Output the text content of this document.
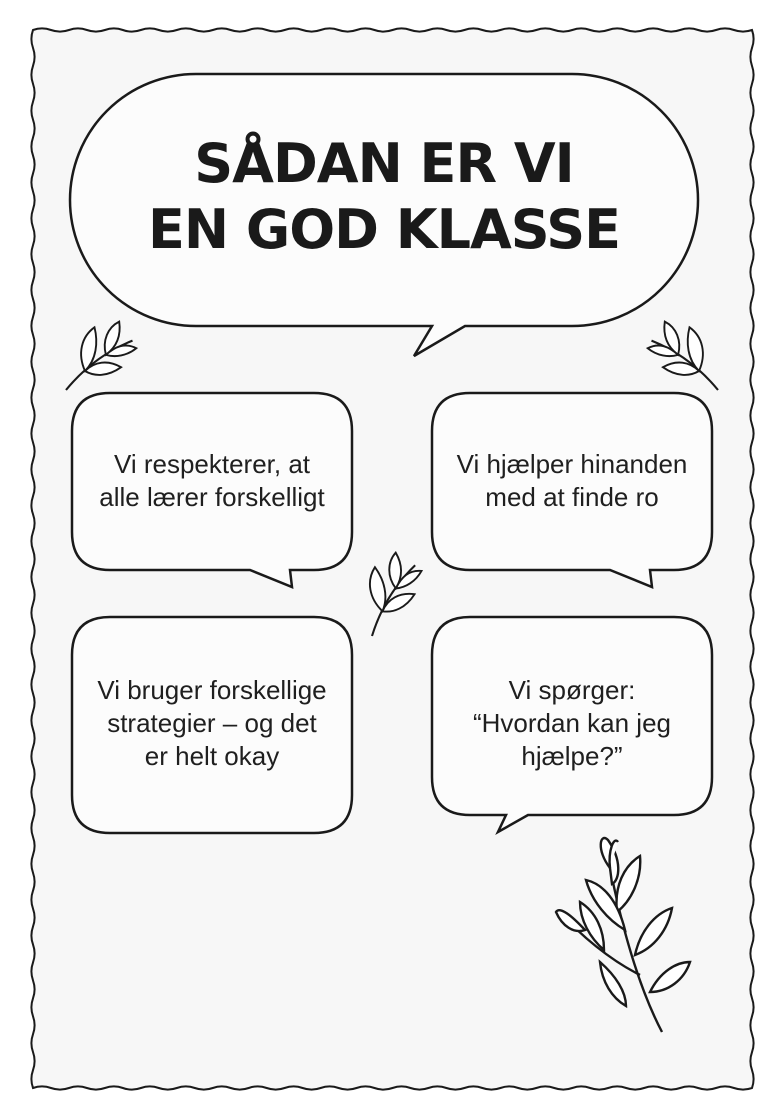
SÅDAN ER VI
EN GOD KLASSE
Vi respekterer, at
alle lærer forskelligt
Vi hjælper hinanden
med at finde ro
Vi bruger forskellige
strategier – og det
er helt okay
Vi spørger:
“Hvordan kan jeg
hjælpe?”
